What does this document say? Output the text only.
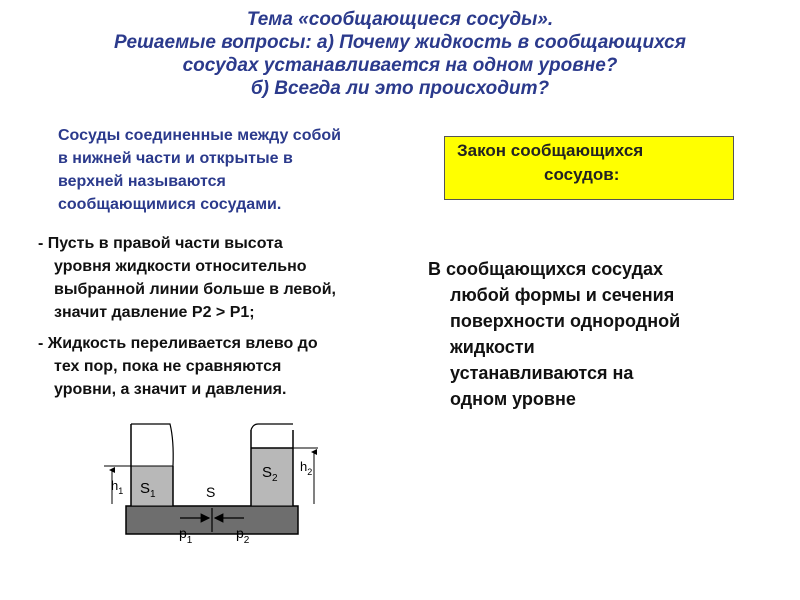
Тема «сообщающиеся сосуды».
Решаемые вопросы: а) Почему жидкость в сообщающихся
сосудах устанавливается на одном уровне?
б) Всегда ли это происходит?
Сосуды соединенные между собой
в нижней части и открытые в
верхней называются
сообщающимися сосудами.
Закон сообщающихся
сосудов:
- Пусть в правой части высота
уровня жидкости относительно
выбранной линии больше в левой,
значит давление Р2 > Р1;
- Жидкость переливается влево до
тех пор, пока не сравняются
уровни, а значит и давления.
В сообщающихся сосудах
любой формы и сечения
поверхности однородной
жидкости
устанавливаются на
одном уровне
$h_1$
$h_2$
$S_1$
$S_2$
S
$p_1$	$p_2$
